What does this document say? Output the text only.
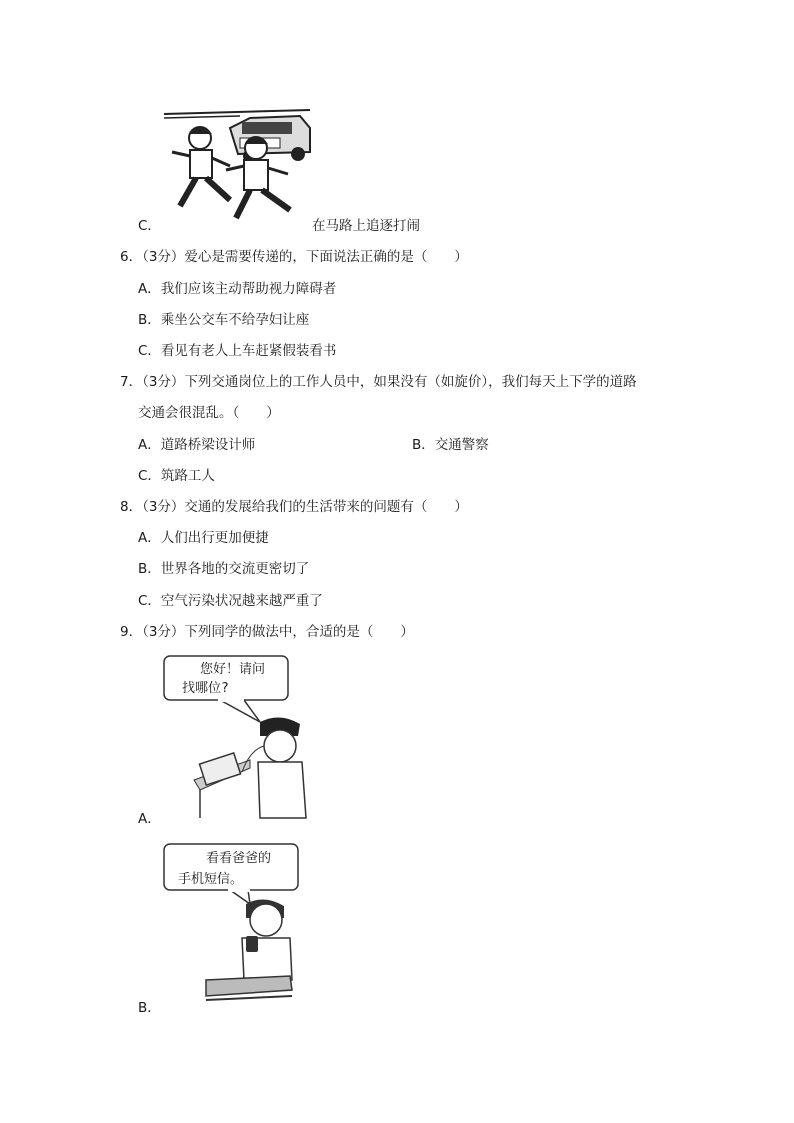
C．	在马路上追逐打闹
6．（3分）爱心是需要传递的，下面说法正确的是（　　）
A．我们应该主动帮助视力障碍者
B．乘坐公交车不给孕妇让座
C．看见有老人上车赶紧假装看书
7．（3分）下列交通岗位上的工作人员中，如果没有（如旋价），我们每天上下学的道路
交通会很混乱。（　　）
A．道路桥梁设计师	B．交通警察
C．筑路工人
8．（3分）交通的发展给我们的生活带来的问题有（　　）
A．人们出行更加便捷
B．世界各地的交流更密切了
C．空气污染状况越来越严重了
9．（3分）下列同学的做法中，合适的是（　　）
您好！请问
找哪位?
A．
看看爸爸的
手机短信。
B．
